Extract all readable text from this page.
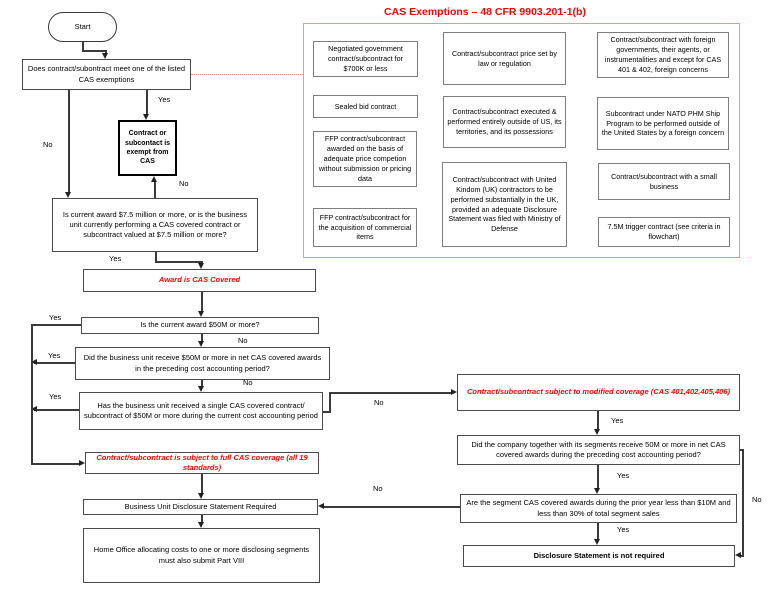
CAS Exemptions – 48 CFR 9903.201-1(b)
Negotiated government contract/subcontract for $700K or less
Sealed bid contract
FFP contract/subcontract awarded on the basis of adequate price competion without submission or pricing data
FFP contract/subcontract for the acquisition of commercial items
Contract/subcontract price set by law or regulation
Contract/subcontract executed & performed entirely outside of US, its territories, and its possessions
Contract/subcontract with United Kindom (UK) contractors to be performed substantially in the UK, provided an adequate Disclosure Statement was filed with Ministry of Defense
Contract/subcontract with foreign governments, their agents, or instrumentalities and except for CAS 401 & 402, foreign concerns
Subcontract under NATO PHM Ship Program to be performed outside of the United States by a foreign concern
Contract/subcontract with a small business
7.5M trigger contract (see criteria in flowchart)
Start
Does contract/subontract meet one of the listed CAS exemptions
Contract or subcontact is exempt from CAS
Is current award $7.5 million or more, or is the business unit currently performing a CAS covered contract or subcontract valued at $7.5 million or more?
Award is CAS Covered
Is the current award $50M or more?
Did the business unit receive $50M or more in net CAS covered awards in the preceding cost accounting period?
Has the business unit received a single CAS covered contract/ subcontract of $50M or more during the current cost accounting period
Contract/subcontract is subject to full CAS coverage (all 19 standards)
Business Unit Disclosure Statement Required
Home Office allocating costs to one or more disclosing segments must also submit Part VIII
Contract/subcontract subject to modified coverage (CAS 401,402,405,406)
Did the company together with its segments receive 50M or more in net CAS covered awards during the preceding cost accounting period?
Are the segment CAS covered awards during the prior year less than $10M and less than 30% of total segment sales
Disclosure Statement is not required
Yes
No
No
Yes
Yes
No
Yes
No
Yes
No
Yes
Yes
No
Yes
No
